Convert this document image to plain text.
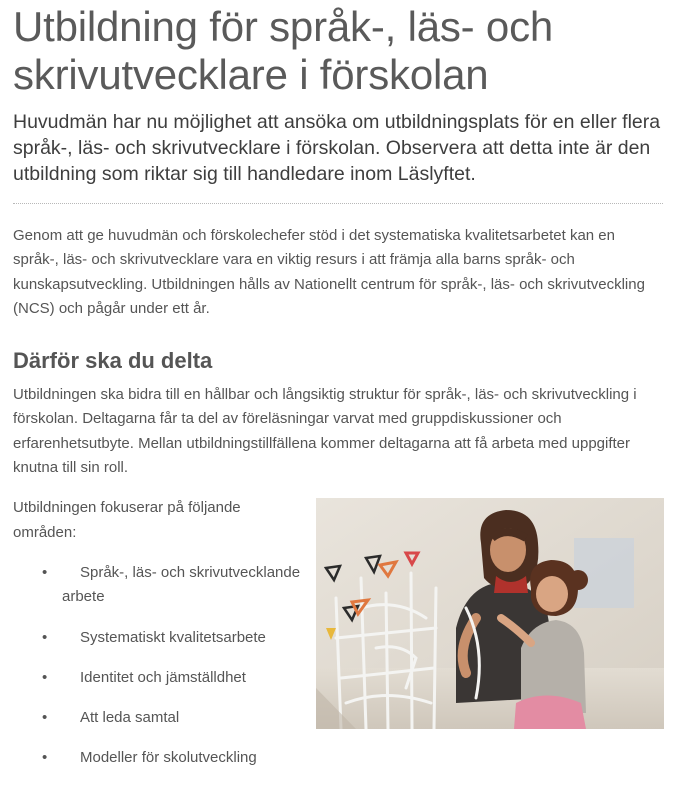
Utbildning för språk-, läs- och skrivutvecklare i förskolan

Huvudmän har nu möjlighet att ansöka om utbildningsplats för en eller flera språk-, läs- och skrivutvecklare i förskolan. Observera att detta inte är den utbildning som riktar sig till handledare inom Läslyftet.

Genom att ge huvudmän och förskolechefer stöd i det systematiska kvalitetsarbetet kan en språk-, läs- och skrivutvecklare vara en viktig resurs i att främja alla barns språk- och kunskapsutveckling. Utbildningen hålls av Nationellt centrum för språk-, läs- och skrivutveckling (NCS) och pågår under ett år.

Därför ska du delta

Utbildningen ska bidra till en hållbar och långsiktig struktur för språk-, läs- och skrivutveckling i förskolan. Deltagarna får ta del av föreläsningar varvat med gruppdiskussioner och erfarenhetsutbyte. Mellan utbildningstillfällena kommer deltagarna att få arbeta med uppgifter knutna till sin roll.

Utbildningen fokuserar på följande områden:

•	Språk-, läs- och skrivutvecklande arbete
•	Systematiskt kvalitetsarbete
•	Identitet och jämställdhet
•	Att leda samtal
•	Modeller för skolutveckling
